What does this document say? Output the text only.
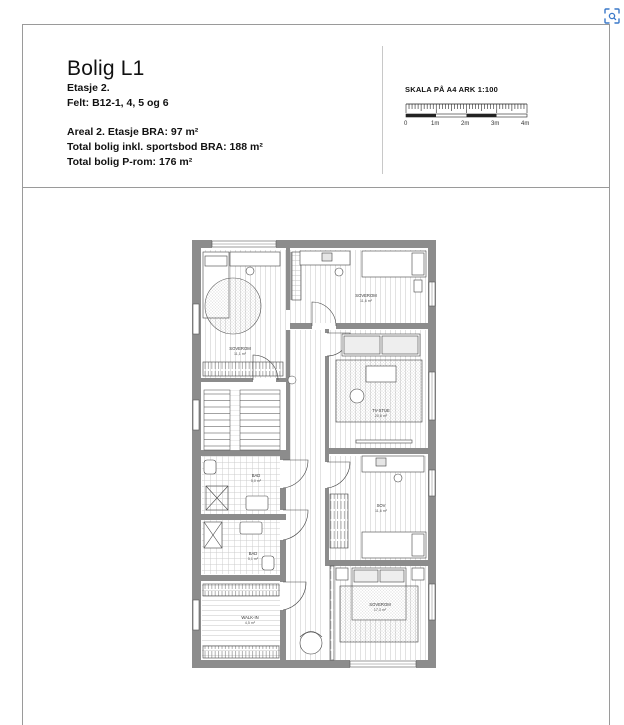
Bolig L1
Etasje 2.
Felt: B12-1, 4, 5 og 6
Areal 2. Etasje BRA: 97 m²
Total bolig inkl. sportsbod BRA: 188 m²
Total bolig P-rom: 176 m²
SKALA PÅ A4 ARK 1:100
0	1m	2m	3m	4m
SOVEROM
11,1 m²
SOVEROM
11,6 m²
TV-STUE
20,6 m²
BAD
5,0 m²
SOV
11,6 m²
BAD
5,1 m²
WALK-IN
4,5 m²
SOVEROM
17,3 m²
